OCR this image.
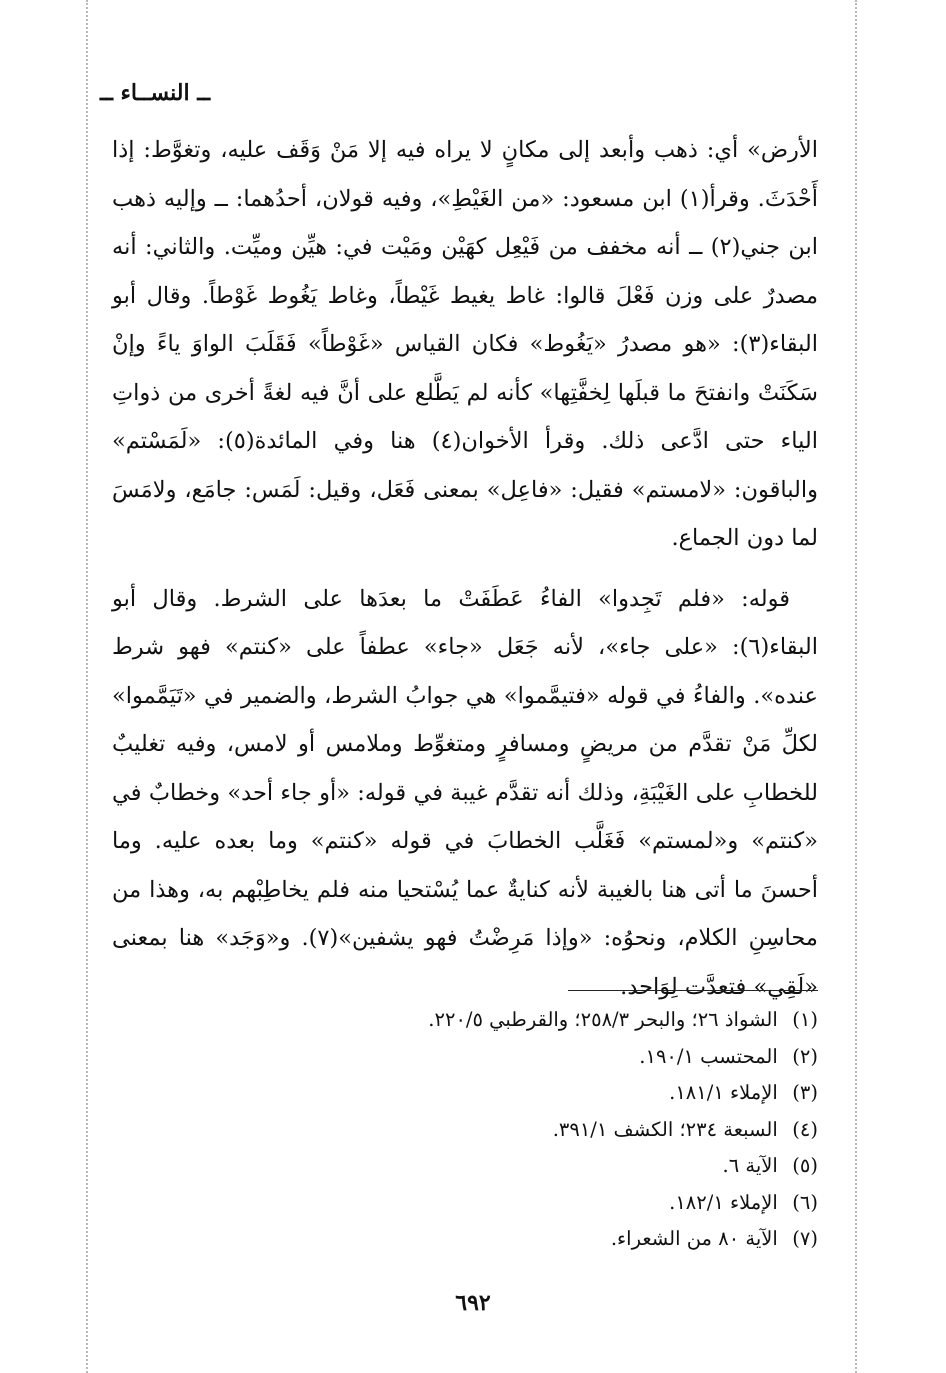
ــ النســاء ــ

الأرض» أي: ذهب وأبعد إلى مكانٍ لا يراه فيه إلا مَنْ وَقَف عليه، وتغوَّط: إذا أَحْدَثَ. وقرأ(١) ابن مسعود: «من الغَيْطِ»، وفيه قولان، أحدُهما: ــ وإليه ذهب ابن جني(٢) ــ أنه مخفف من فَيْعِل كهَيْن ومَيْت في: هيِّن وميِّت. والثاني: أنه مصدرٌ على وزن فَعْلَ قالوا: غاط يغيط غَيْطاً، وغاط يَغُوط غَوْطاً. وقال أبو البقاء(٣): «هو مصدرُ «يَغُوط» فكان القياس «غَوْطاً» فَقَلَبَ الواوَ ياءً وإنْ سَكَنَتْ وانفتحَ ما قبلَها لِخفَّتِها» كأنه لم يَطَّلع على أنَّ فيه لغةً أخرى من ذواتِ الياء حتى ادَّعى ذلك. وقرأ الأخوان(٤) هنا وفي المائدة(٥): «لَمَسْتم» والباقون: «لامستم» فقيل: «فاعِل» بمعنى فَعَل، وقيل: لَمَس: جامَع، ولامَسَ لما دون الجماع.

قوله: «فلم تَجِدوا» الفاءُ عَطَفَتْ ما بعدَها على الشرط. وقال أبو البقاء(٦): «على جاء»، لأنه جَعَل «جاء» عطفاً على «كنتم» فهو شرط عنده». والفاءُ في قوله «فتيمَّموا» هي جوابُ الشرط، والضمير في «تَيَمَّموا» لكلِّ مَنْ تقدَّم من مريضٍ ومسافرٍ ومتغوِّط وملامس أو لامس، وفيه تغليبٌ للخطابِ على الغَيْبَةِ، وذلك أنه تقدَّم غيبة في قوله: «أو جاء أحد» وخطابٌ في «كنتم» و«لمستم» فَغَلَّب الخطابَ في قوله «كنتم» وما بعده عليه. وما أحسنَ ما أتى هنا بالغيبة لأنه كنايةٌ عما يُسْتحيا منه فلم يخاطِبْهم به، وهذا من محاسِنِ الكلام، ونحوُه: «وإذا مَرِضْتُ فهو يشفين»(٧). و«وَجَد» هنا بمعنى «لَقِي» فتعدَّت لِوَاحد.

(١) الشواذ ٢٦؛ والبحر ٢٥٨/٣؛ والقرطبي ٢٢٠/٥.

(٢) المحتسب ١٩٠/١.

(٣) الإملاء ١٨١/١.

(٤) السبعة ٢٣٤؛ الكشف ٣٩١/١.

(٥) الآية ٦.

(٦) الإملاء ١٨٢/١.

(٧) الآية ٨٠ من الشعراء.

٦٩٢
